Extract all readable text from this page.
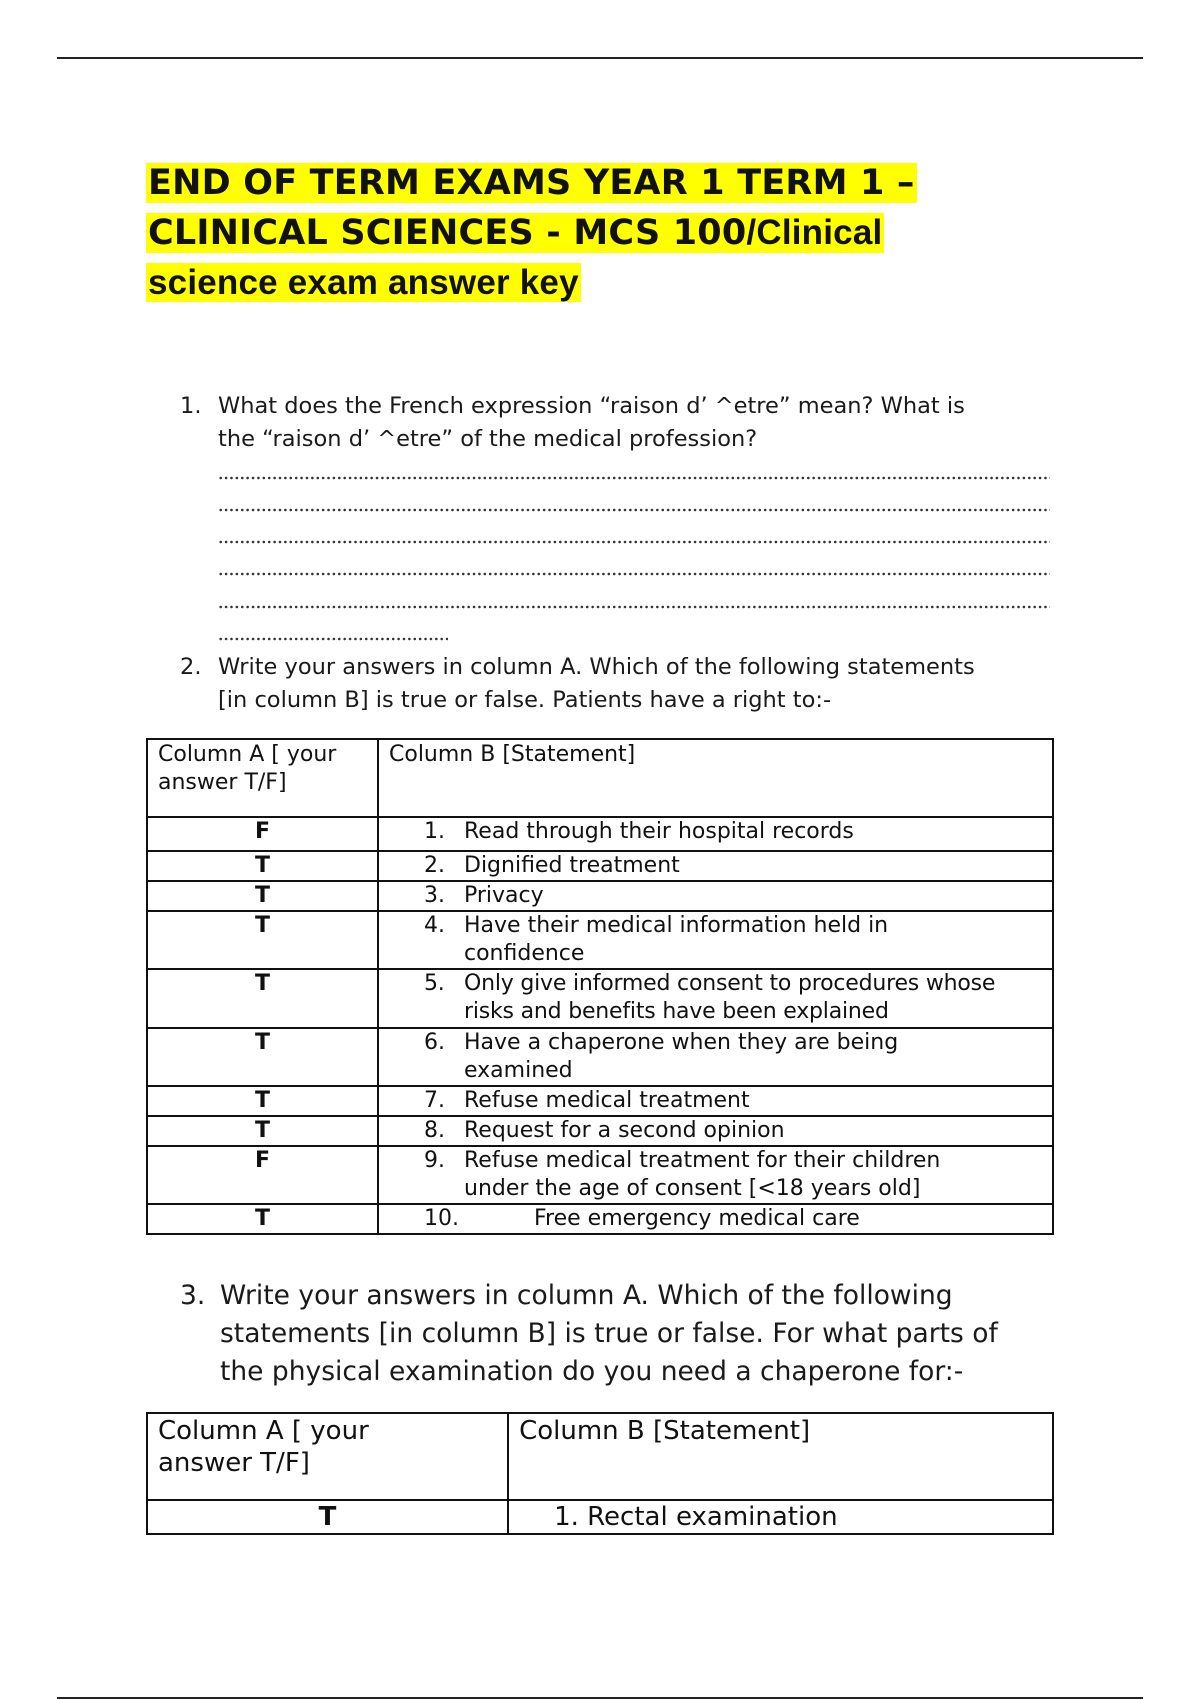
END OF TERM EXAMS YEAR 1 TERM 1 –
CLINICAL SCIENCES - MCS 100/Clinical
science exam answer key
1. What does the French expression “raison d’ ^etre” mean? What is
the “raison d’ ^etre” of the medical profession?
2. Write your answers in column A. Which of the following statements
[in column B] is true or false. Patients have a right to:-
Column A [ your answer T/F]	Column B [Statement]
F	1. Read through their hospital records

T	2. Dignified treatment

T	3. Privacy

T	4. Have their medical information held in confidence

T	5. Only give informed consent to procedures whose risks and benefits have been explained

T	6. Have a chaperone when they are being examined

T	7. Refuse medical treatment

T	8. Request for a second opinion

F	9. Refuse medical treatment for their children under the age of consent [<18 years old]

T	10. Free emergency medical care
3. Write your answers in column A. Which of the following
statements [in column B] is true or false. For what parts of
the physical examination do you need a chaperone for:-
Column A [ your answer T/F]	Column B [Statement]
T	1. Rectal examination
